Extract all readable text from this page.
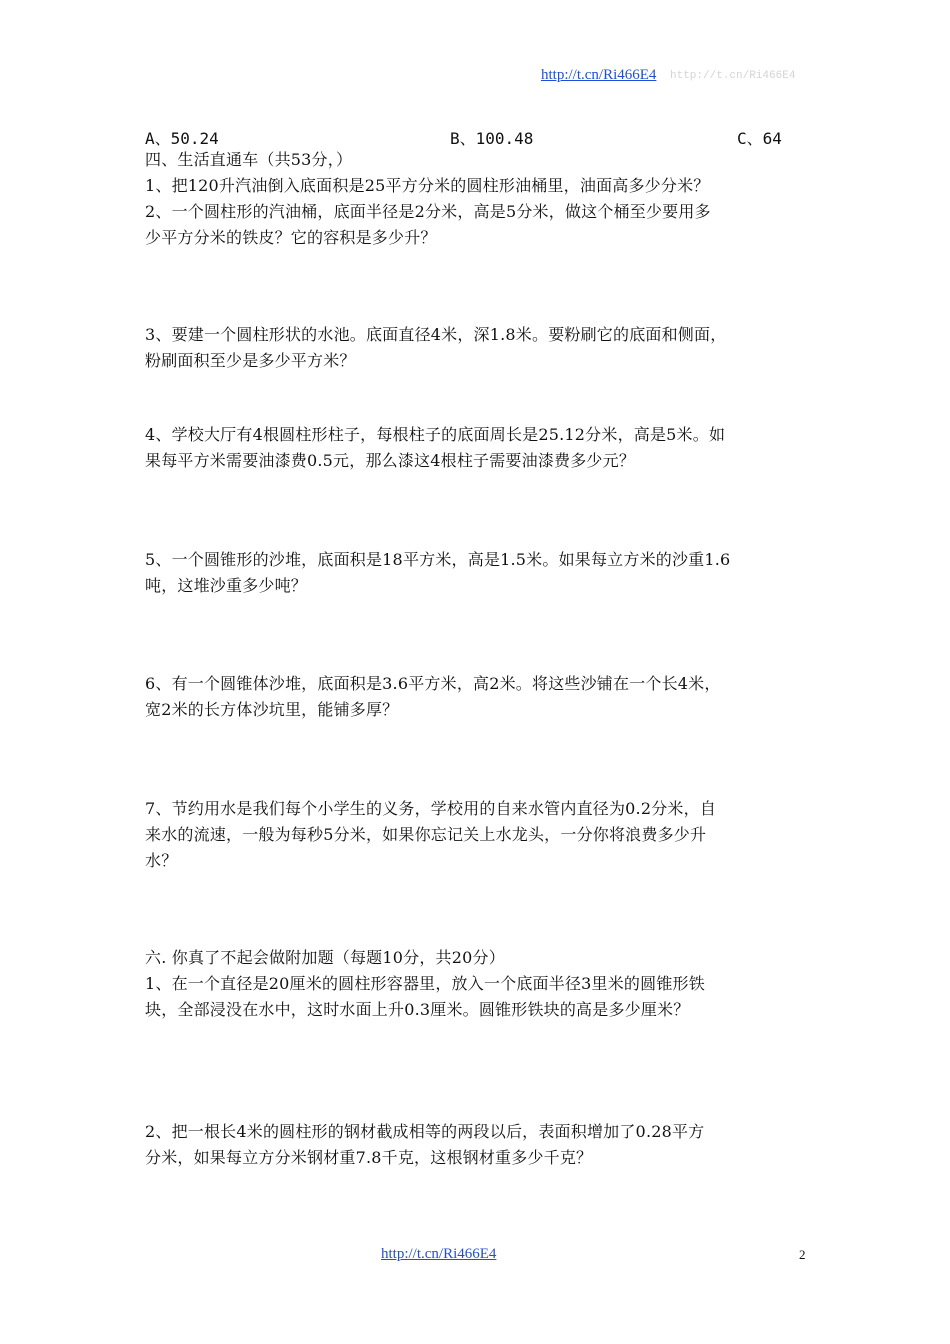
http://t.cn/Ri466E4 http://t.cn/Ri466E4
A、50.24	B、100.48	C、64
四、生活直通车（共53分，）
1、把120升汽油倒入底面积是25平方分米的圆柱形油桶里，油面高多少分米？
2、一个圆柱形的汽油桶，底面半径是2分米，高是5分米，做这个桶至少要用多
少平方分米的铁皮？它的容积是多少升？
3、要建一个圆柱形状的水池。底面直径4米，深1.8米。要粉刷它的底面和侧面，
粉刷面积至少是多少平方米？
4、学校大厅有4根圆柱形柱子，每根柱子的底面周长是25.12分米，高是5米。如
果每平方米需要油漆费0.5元，那么漆这4根柱子需要油漆费多少元？
5、一个圆锥形的沙堆，底面积是18平方米，高是1.5米。如果每立方米的沙重1.6
吨，这堆沙重多少吨？
6、有一个圆锥体沙堆，底面积是3.6平方米，高2米。将这些沙铺在一个长4米，
宽2米的长方体沙坑里，能铺多厚？
7、节约用水是我们每个小学生的义务，学校用的自来水管内直径为0.2分米，自
来水的流速，一般为每秒5分米，如果你忘记关上水龙头，一分你将浪费多少升
水？
六. 你真了不起会做附加题（每题10分，共20分）
1、在一个直径是20厘米的圆柱形容器里，放入一个底面半径3里米的圆锥形铁
块，全部浸没在水中，这时水面上升0.3厘米。圆锥形铁块的高是多少厘米？
2、把一根长4米的圆柱形的钢材截成相等的两段以后，表面积增加了0.28平方
分米，如果每立方分米钢材重7.8千克，这根钢材重多少千克？
http://t.cn/Ri466E4	2
